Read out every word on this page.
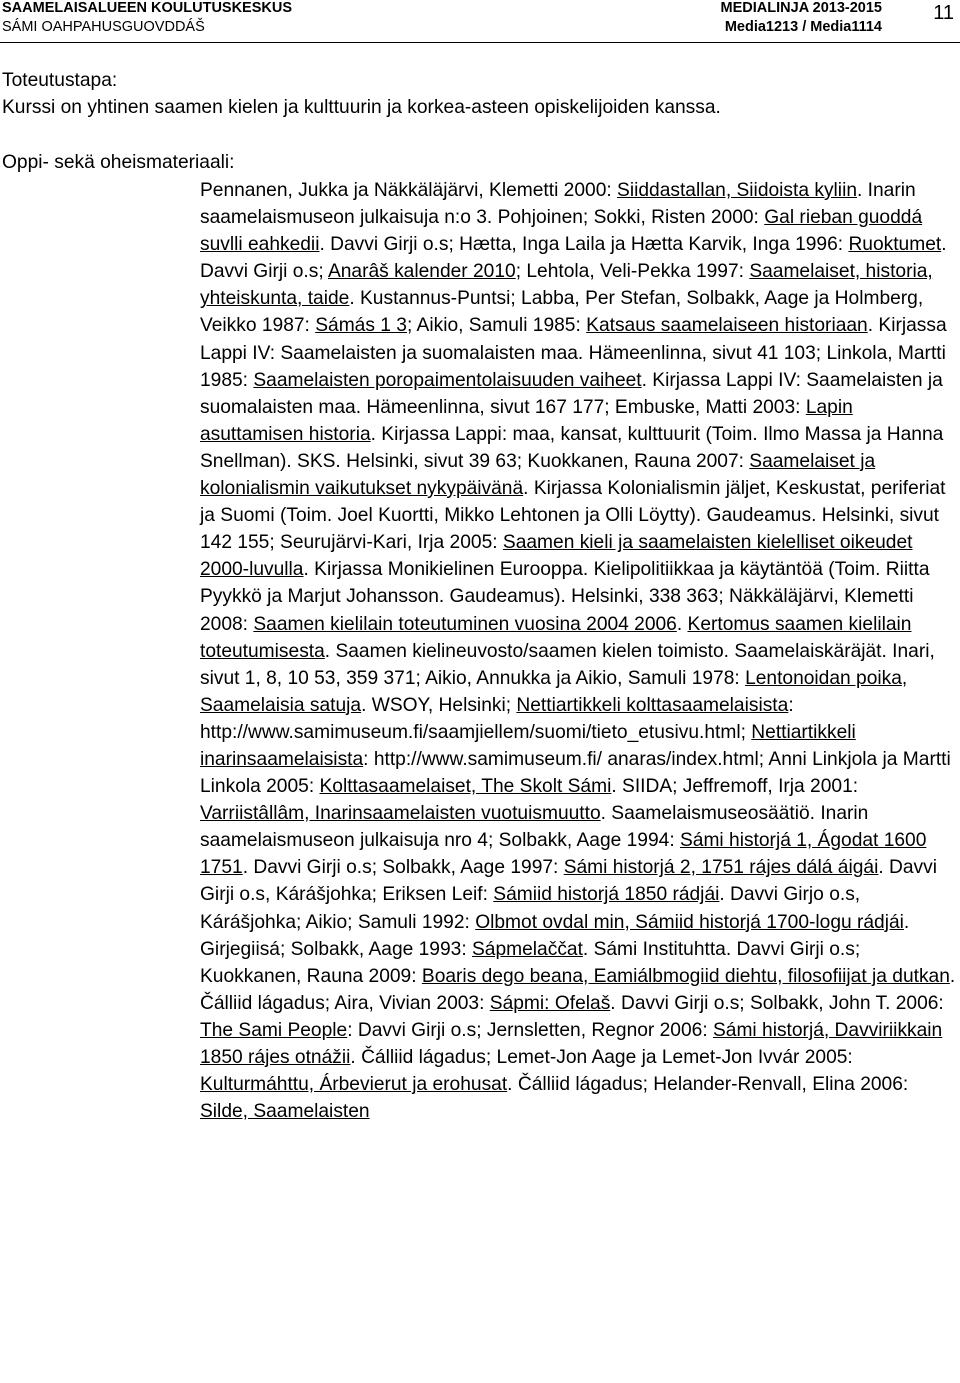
SAAMELAISALUEEN KOULUTUSKESKUS
SÁMI OAHPAHUSGUOVDDÁŠ
MEDIALINJA 2013-2015
Media1213 / Media1114
11
Toteutustapa:
Kurssi on yhtinen saamen kielen ja kulttuurin ja korkea-asteen opiskelijoiden kanssa.
Oppi- sekä oheismateriaali:
Pennanen, Jukka ja Näkkäläjärvi, Klemetti 2000: Siiddastallan, Siidoista kyliin. Inarin saamelaismuseon julkaisuja n:o 3. Pohjoinen; Sokki, Risten 2000: Gal rieban guoddá suvlli eahkedii. Davvi Girji o.s; Hætta, Inga Laila ja Hætta Karvik, Inga 1996: Ruoktumet. Davvi Girji o.s; Anarâš kalender 2010; Lehtola, Veli-Pekka 1997: Saamelaiset, historia, yhteiskunta, taide. Kustannus-Puntsi; Labba, Per Stefan, Solbakk, Aage ja Holmberg, Veikko 1987: Sámás 1 3; Aikio, Samuli 1985: Katsaus saamelaiseen historiaan. Kirjassa Lappi IV: Saamelaisten ja suomalaisten maa. Hämeenlinna, sivut 41 103; Linkola, Martti 1985: Saamelaisten poropaimentolaisuuden vaiheet. Kirjassa Lappi IV: Saamelaisten ja suomalaisten maa. Hämeenlinna, sivut 167 177; Embuske, Matti 2003: Lapin asuttamisen historia. Kirjassa Lappi: maa, kansat, kulttuurit (Toim. Ilmo Massa ja Hanna Snellman). SKS. Helsinki, sivut 39 63; Kuokkanen, Rauna 2007: Saamelaiset ja kolonialismin vaikutukset nykypäivänä. Kirjassa Kolonialismin jäljet, Keskustat, periferiat ja Suomi (Toim. Joel Kuortti, Mikko Lehtonen ja Olli Löytty). Gaudeamus. Helsinki, sivut 142 155; Seurujärvi-Kari, Irja 2005: Saamen kieli ja saamelaisten kielelliset oikeudet 2000-luvulla. Kirjassa Monikielinen Eurooppa. Kielipolitiikkaa ja käytäntöä (Toim. Riitta Pyykkö ja Marjut Johansson. Gaudeamus). Helsinki, 338 363; Näkkäläjärvi, Klemetti 2008: Saamen kielilain toteutuminen vuosina 2004 2006. Kertomus saamen kielilain toteutumisesta. Saamen kielineuvosto/saamen kielen toimisto. Saamelaiskäräjät. Inari, sivut 1, 8, 10 53, 359 371; Aikio, Annukka ja Aikio, Samuli 1978: Lentonoidan poika, Saamelaisia satuja. WSOY, Helsinki; Nettiartikkeli kolttasaamelaisista: http://www.samimuseum.fi/saamjiellem/suomi/tieto_etusivu.html; Nettiartikkeli inarinsaamelaisista: http://www.samimuseum.fi/ anaras/index.html; Anni Linkjola ja Martti Linkola 2005: Kolttasaamelaiset, The Skolt Sámi. SIIDA; Jeffremoff, Irja 2001: Varriistâllâm, Inarinsaamelaisten vuotuismuutto. Saamelaismuseosäätiö. Inarin saamelaismuseon julkaisuja nro 4; Solbakk, Aage 1994: Sámi historjá 1, Ágodat 1600 1751. Davvi Girji o.s; Solbakk, Aage 1997: Sámi historjá 2, 1751 rájes dálá áigái. Davvi Girji o.s, Kárášjohka; Eriksen Leif: Sámiid historjá 1850 rádjái. Davvi Girjo o.s, Kárášjohka; Aikio; Samuli 1992: Olbmot ovdal min, Sámiid historjá 1700-logu rádjái. Girjegiisá; Solbakk, Aage 1993: Sápmelaččat. Sámi Instituhtta. Davvi Girji o.s; Kuokkanen, Rauna 2009: Boaris dego beana, Eamiálbmogiid diehtu, filosofiijat ja dutkan. Čálliid lágadus; Aira, Vivian 2003: Sápmi: Ofelaš. Davvi Girji o.s; Solbakk, John T. 2006: The Sami People: Davvi Girji o.s; Jernsletten, Regnor 2006: Sámi historjá, Davviriikkain 1850 rájes otnážii. Čálliid lágadus; Lemet-Jon Aage ja Lemet-Jon Ivvár 2005: Kulturmáhttu, Árbevierut ja erohusat. Čálliid lágadus; Helander-Renvall, Elina 2006: Silde, Saamelaisten
